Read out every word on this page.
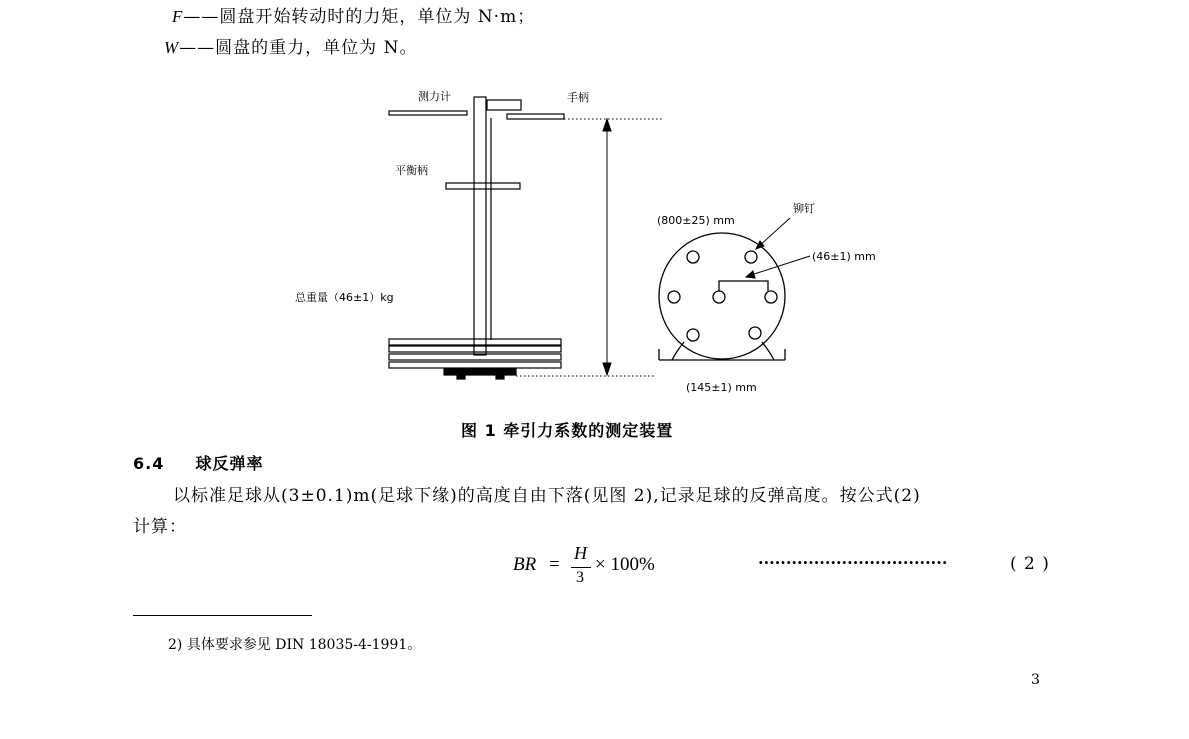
F——圆盘开始转动时的力矩，单位为 N·m；
W——圆盘的重力，单位为 N。
测力计	手柄
平衡柄
总重量（46±1）kg
铆钉
(800±25) mm
(46±1) mm
(145±1) mm
图 1 牵引力系数的测定装置
6.4 球反弹率
以标准足球从(3±0.1)m(足球下缘)的高度自由下落(见图 2),记录足球的反弹高度。按公式(2)
计算：
BR =
H
3
× 100%	··································	( 2 )
2) 具体要求参见 DIN 18035-4-1991。
3
